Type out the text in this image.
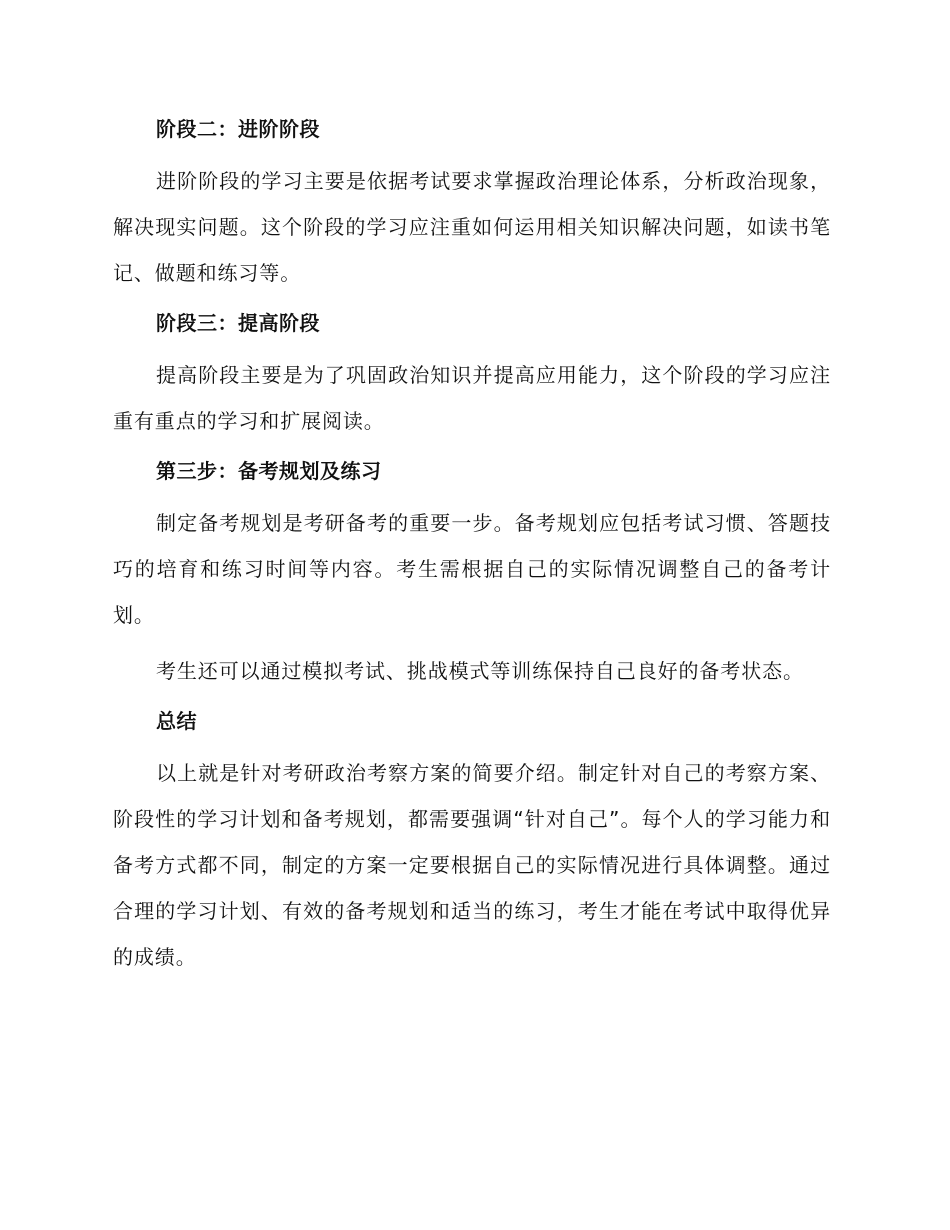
阶段二：进阶阶段

进阶阶段的学习主要是依据考试要求掌握政治理论体系，分析政治现象，解决现实问题。这个阶段的学习应注重如何运用相关知识解决问题，如读书笔记、做题和练习等。

阶段三：提高阶段

提高阶段主要是为了巩固政治知识并提高应用能力，这个阶段的学习应注重有重点的学习和扩展阅读。

第三步：备考规划及练习

制定备考规划是考研备考的重要一步。备考规划应包括考试习惯、答题技巧的培育和练习时间等内容。考生需根据自己的实际情况调整自己的备考计划。

考生还可以通过模拟考试、挑战模式等训练保持自己良好的备考状态。

总结

以上就是针对考研政治考察方案的简要介绍。制定针对自己的考察方案、阶段性的学习计划和备考规划，都需要强调“针对自己”。每个人的学习能力和备考方式都不同，制定的方案一定要根据自己的实际情况进行具体调整。通过合理的学习计划、有效的备考规划和适当的练习，考生才能在考试中取得优异的成绩。
